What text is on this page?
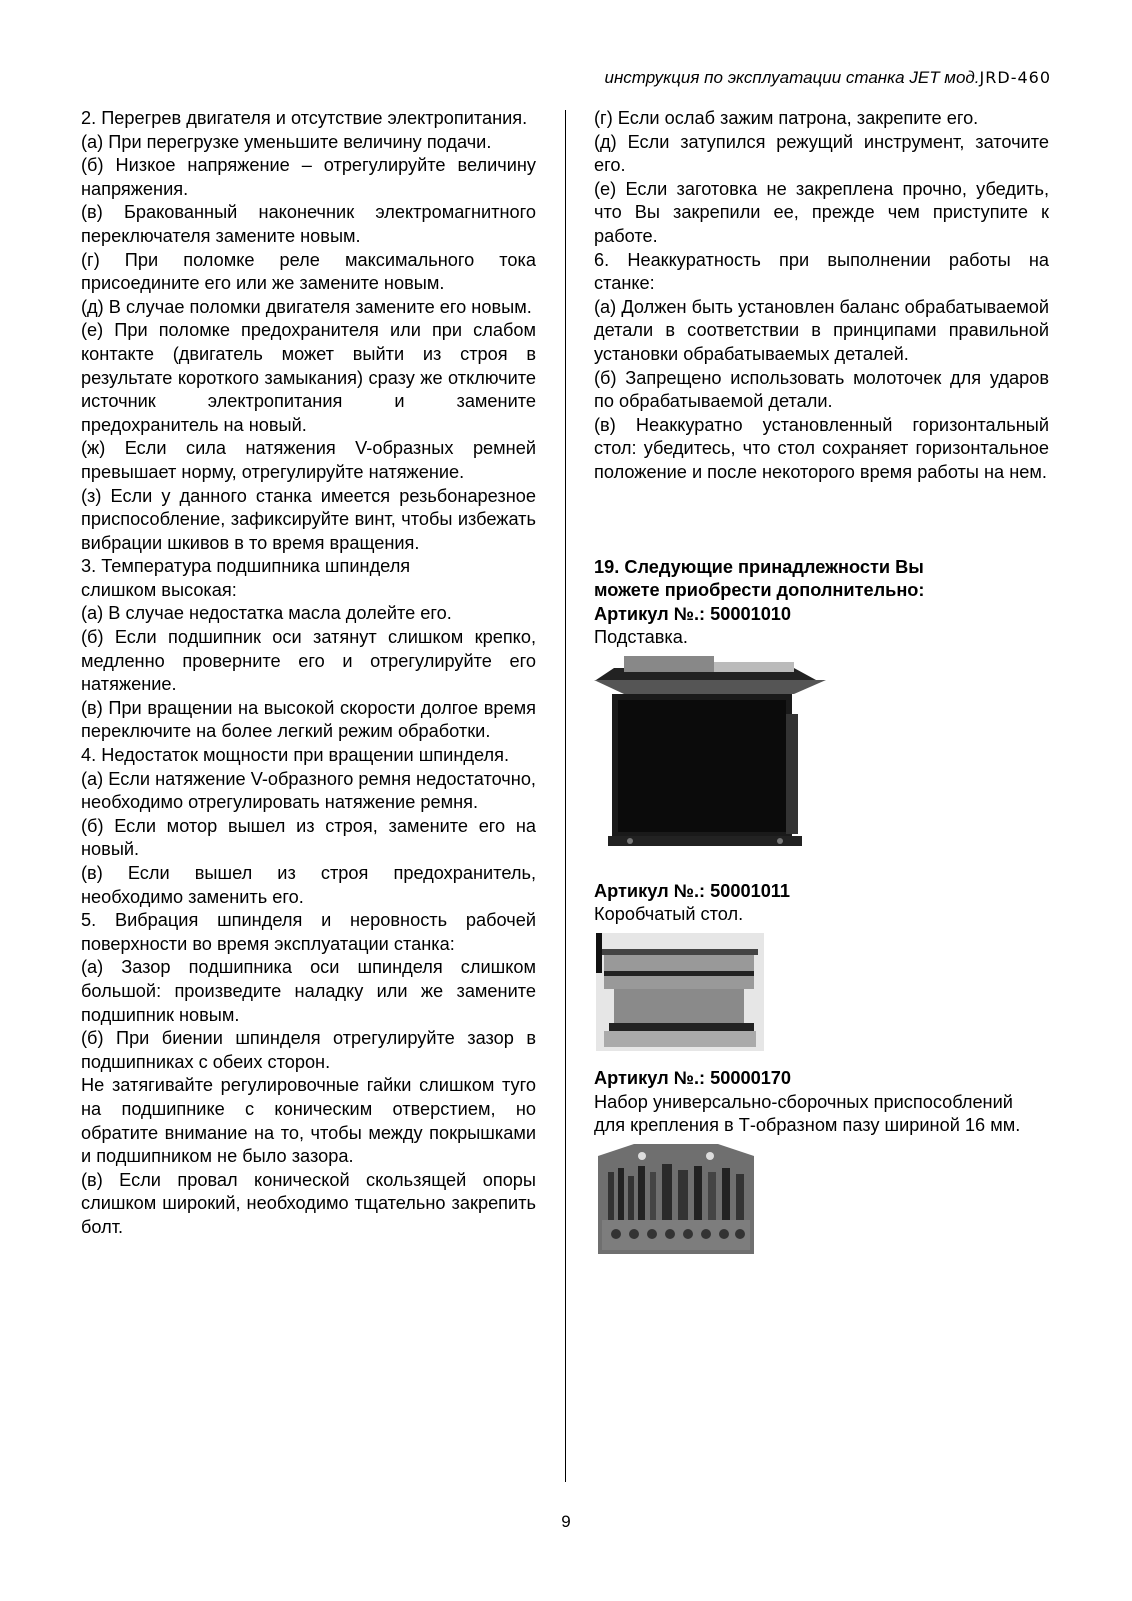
инструкция по эксплуатации станка JET мод.JRD-460

2. Перегрев двигателя и отсутствие электропитания.

(а) При перегрузке уменьшите величину подачи.

(б) Низкое напряжение – отрегулируйте величину напряжения.

(в) Бракованный наконечник электромагнитного переключателя замените новым.

(г) При поломке реле максимального тока присоедините его или же замените новым.

(д) В случае поломки двигателя замените его новым.

(е) При поломке предохранителя или при слабом контакте (двигатель может выйти из строя в результате короткого замыкания) сразу же отключите источник электропитания и замените предохранитель на новый.

(ж) Если сила натяжения V-образных ремней превышает норму, отрегулируйте натяжение.

(з) Если у данного станка имеется резьбонарезное приспособление, зафиксируйте винт, чтобы избежать вибрации шкивов в то время вращения.

3. Температура подшипника шпинделя

слишком высокая:

(а) В случае недостатка масла долейте его.

(б) Если подшипник оси затянут слишком крепко, медленно проверните его и отрегулируйте его натяжение.

(в) При вращении на высокой скорости долгое время переключите на более легкий режим обработки.

4. Недостаток мощности при вращении шпинделя.

(а) Если натяжение V-образного ремня недостаточно, необходимо отрегулировать натяжение ремня.

(б) Если мотор вышел из строя, замените его на новый.

(в) Если вышел из строя предохранитель, необходимо заменить его.

5. Вибрация шпинделя и неровность рабочей поверхности во время эксплуатации станка:

(а) Зазор подшипника оси шпинделя слишком большой: произведите наладку или же замените подшипник новым.

(б) При биении шпинделя отрегулируйте зазор в подшипниках с обеих сторон.

Не затягивайте регулировочные гайки слишком туго на подшипнике с коническим отверстием, но обратите внимание на то, чтобы между покрышками и подшипником не было зазора.

(в) Если провал конической скользящей опоры слишком широкий, необходимо тщательно закрепить болт.

(г) Если ослаб зажим патрона, закрепите его.

(д) Если затупился режущий инструмент, заточите его.

(е) Если заготовка не закреплена прочно, убедить, что Вы закрепили ее, прежде чем приступите к работе.

6. Неаккуратность при выполнении работы на станке:

(а) Должен быть установлен баланс обрабатываемой детали в соответствии в принципами правильной установки обрабатываемых деталей.

(б) Запрещено использовать молоточек для ударов по обрабатываемой детали.

(в) Неаккуратно установленный горизонтальный стол: убедитесь, что стол сохраняет горизонтальное положение и после некоторого время работы на нем.

19. Следующие принадлежности Вы

можете приобрести дополнительно:

Артикул №.: 50001010

Подставка.

Артикул №.: 50001011

Коробчатый стол.

Артикул №.: 50000170

Набор универсально-сборочных приспособлений для крепления в Т-образном пазу шириной 16 мм.

9
